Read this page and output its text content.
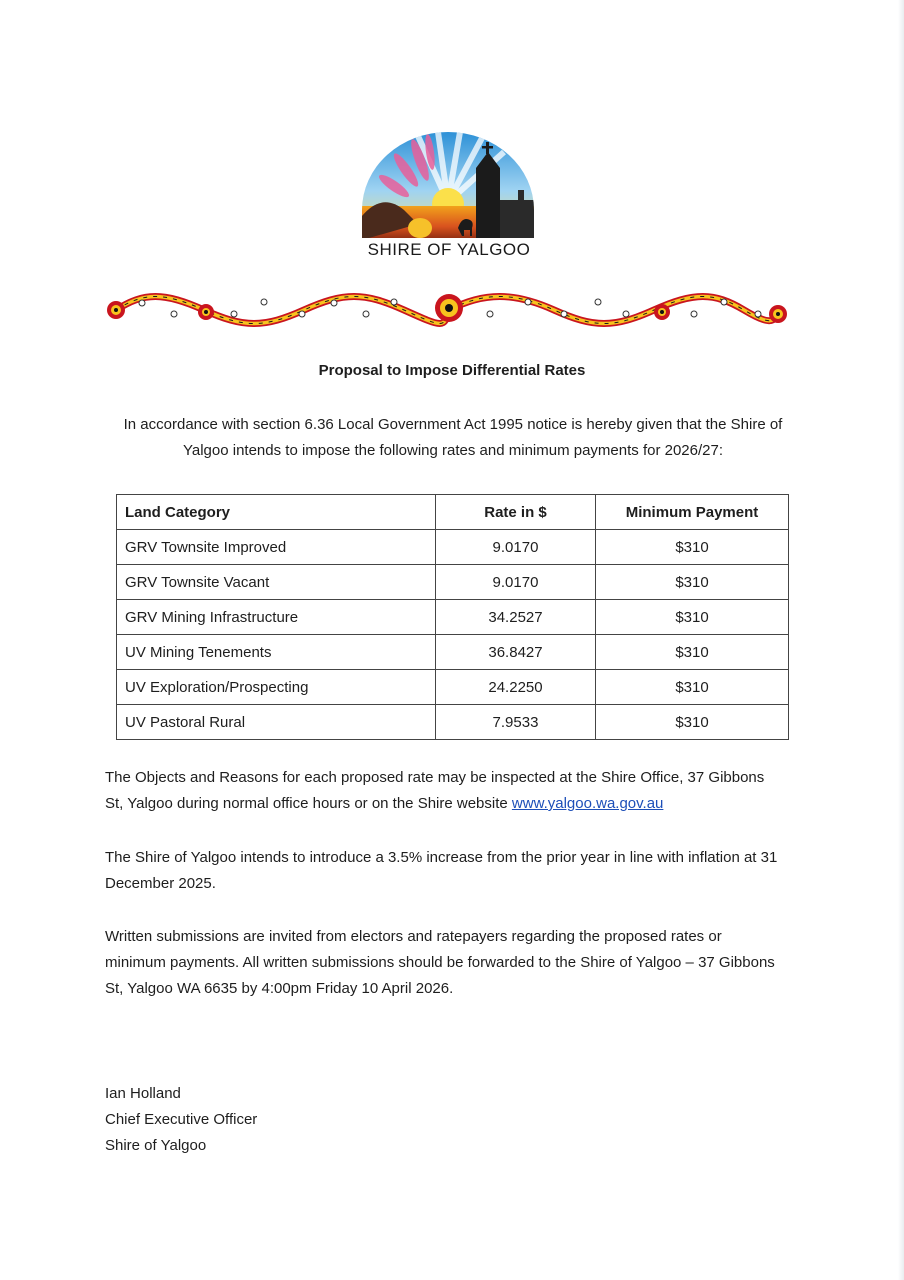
SHIRE OF YALGOO
Proposal to Impose Differential Rates
In accordance with section 6.36 Local Government Act 1995 notice is hereby given that the Shire of
Yalgoo intends to impose the following rates and minimum payments for 2026/27:
Land Category	Rate in $	Minimum Payment
GRV Townsite Improved	9.0170	$310
GRV Townsite Vacant	9.0170	$310
GRV Mining Infrastructure	34.2527	$310
UV Mining Tenements	36.8427	$310
UV Exploration/Prospecting	24.2250	$310
UV Pastoral Rural	7.9533	$310
The Objects and Reasons for each proposed rate may be inspected at the Shire Office, 37 Gibbons
St, Yalgoo during normal office hours or on the Shire website www.yalgoo.wa.gov.au
The Shire of Yalgoo intends to introduce a 3.5% increase from the prior year in line with inflation at 31
December 2025.
Written submissions are invited from electors and ratepayers regarding the proposed rates or
minimum payments. All written submissions should be forwarded to the Shire of Yalgoo – 37 Gibbons
St, Yalgoo WA 6635 by 4:00pm Friday 10 April 2026.
Ian Holland
Chief Executive Officer
Shire of Yalgoo
